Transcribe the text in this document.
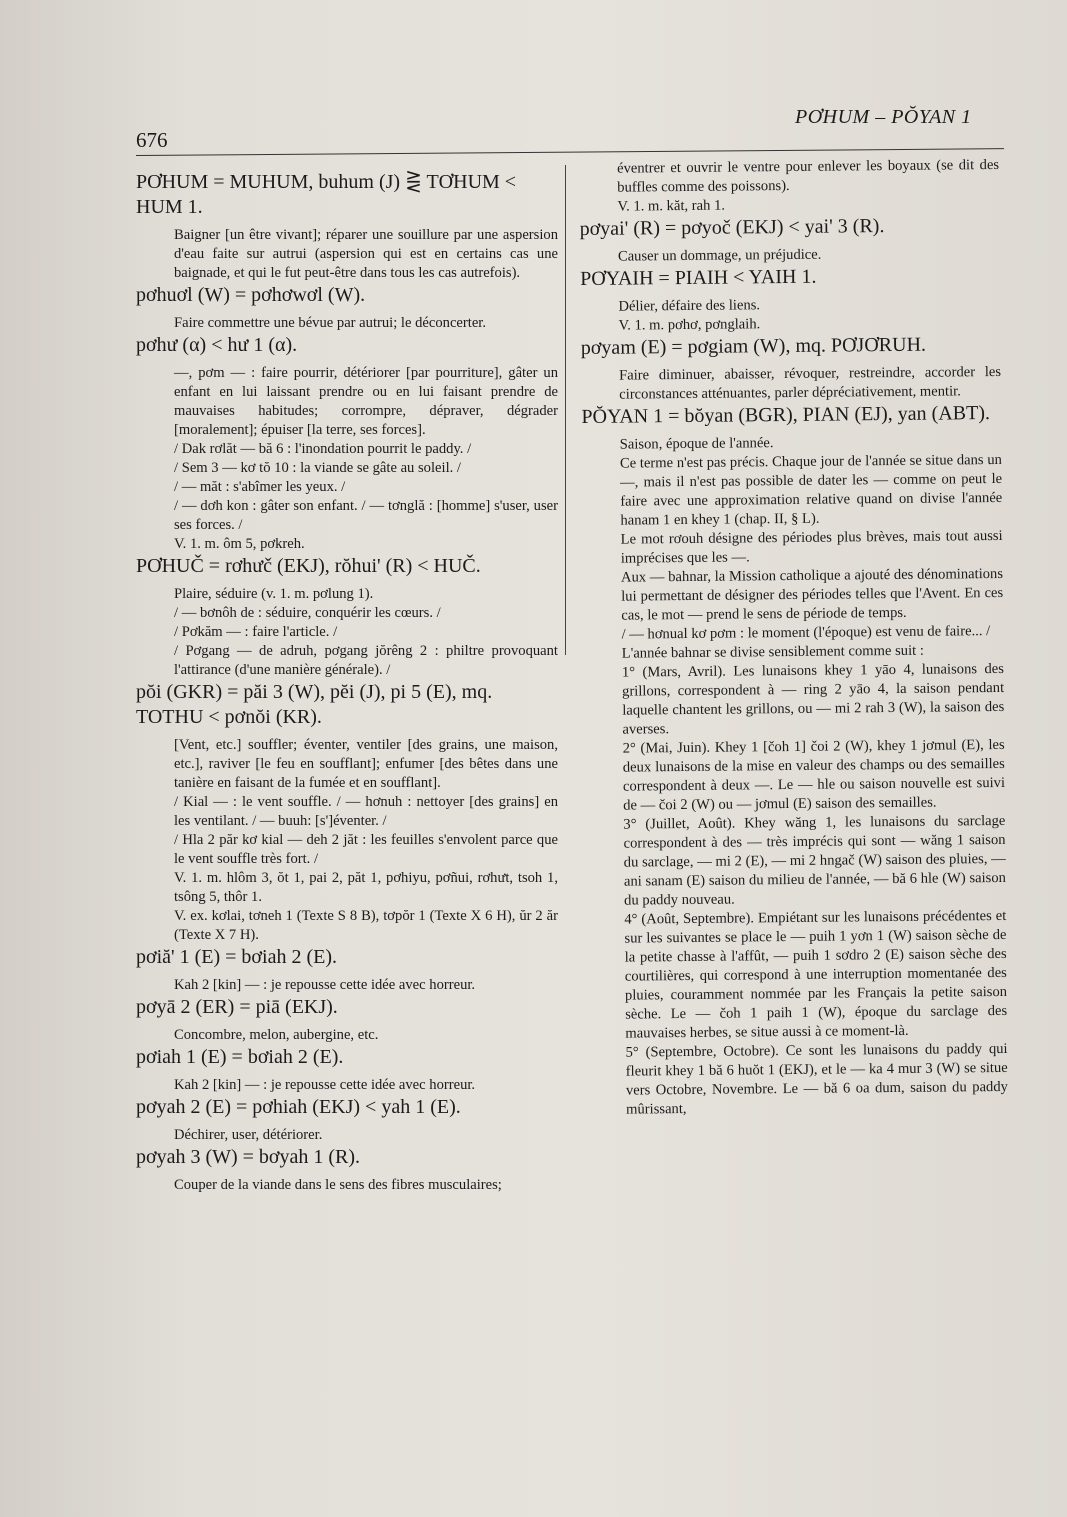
676
PƠHUM – PŎYAN 1
PƠHUM = MUHUM, buhum (J) ⋛ TƠHUM < HUM 1.
Baigner [un être vivant]; réparer une souillure par une aspersion d'eau faite sur autrui (aspersion qui est en certains cas une baignade, et qui le fut peut-être dans tous les cas autrefois).
pơhuơl (W) = pơhơwơl (W).
Faire commettre une bévue par autrui; le déconcerter.
pơhư (α) < hư 1 (α).
—, pơm — : faire pourrir, détériorer [par pourriture], gâter un enfant en lui laissant prendre ou en lui faisant prendre de mauvaises habitudes; corrompre, dépraver, dégrader [moralement]; épuiser [la terre, ses forces].
/ Dak rơlăt — bă 6 : l'inondation pourrit le paddy. /
/ Sem 3 — kơ tŏ 10 : la viande se gâte au soleil. /
/ — măt : s'abîmer les yeux. /
/ — dơh kon : gâter son enfant. / — tơnglă : [homme] s'user, user ses forces. /
V. 1. m. ôm 5, pơkreh.
PƠHUČ = rơhưč (EKJ), rŏhui' (R) < HUČ.
Plaire, séduire (v. 1. m. pơlung 1).
/ — bơnôh de : séduire, conquérir les cœurs. /
/ Pơkăm — : faire l'article. /
/ Pơgang — de adruh, pơgang jŏrêng 2 : philtre provoquant l'attirance (d'une manière générale). /
pŏi (GKR) = păi 3 (W), pĕi (J), pi 5 (E), mq. TOTHU < pơnŏi (KR).
[Vent, etc.] souffler; éventer, ventiler [des grains, une maison, etc.], raviver [le feu en soufflant]; enfumer [des bêtes dans une tanière en faisant de la fumée et en soufflant].
/ Kial — : le vent souffle. / — hơnuh : nettoyer [des grains] en les ventilant. / — buuh: [s']éventer. /
/ Hla 2 păr kơ kial — deh 2 jăt : les feuilles s'envolent parce que le vent souffle très fort. /
V. 1. m. hlôm 3, ŏt 1, pai 2, păt 1, pơhiyu, pơñui, rơhưt, tsoh 1, tsông 5, thôr 1.
V. ex. kơlai, tơneh 1 (Texte S 8 B), tơpŏr 1 (Texte X 6 H), ŭr 2 ăr (Texte X 7 H).
pơiă' 1 (E) = bơiah 2 (E).
Kah 2 [kin] — : je repousse cette idée avec horreur.
pơyā 2 (ER) = piā (EKJ).
Concombre, melon, aubergine, etc.
pơiah 1 (E) = bơiah 2 (E).
Kah 2 [kin] — : je repousse cette idée avec horreur.
pơyah 2 (E) = pơhiah (EKJ) < yah 1 (E).
Déchirer, user, détériorer.
pơyah 3 (W) = bơyah 1 (R).
Couper de la viande dans le sens des fibres musculaires;
éventrer et ouvrir le ventre pour enlever les boyaux (se dit des buffles comme des poissons).
V. 1. m. kăt, rah 1.
pơyai' (R) = pơyoč (EKJ) < yai' 3 (R).
Causer un dommage, un préjudice.
PƠYAIH = PIAIH < YAIH 1.
Délier, défaire des liens.
V. 1. m. pơhơ, pơnglaih.
pơyam (E) = pơgiam (W), mq. PƠJƠRUH.
Faire diminuer, abaisser, révoquer, restreindre, accorder les circonstances atténuantes, parler dépréciativement, mentir.
PŎYAN 1 = bŏyan (BGR), PIAN (EJ), yan (ABT).
Saison, époque de l'année.
Ce terme n'est pas précis. Chaque jour de l'année se situe dans un —, mais il n'est pas possible de dater les — comme on peut le faire avec une approximation relative quand on divise l'année hanam 1 en khey 1 (chap. II, § L).
Le mot rơouh désigne des périodes plus brèves, mais tout aussi imprécises que les —.
Aux — bahnar, la Mission catholique a ajouté des dénominations lui permettant de désigner des périodes telles que l'Avent. En ces cas, le mot — prend le sens de période de temps.
/ — hơnual kơ pơm : le moment (l'époque) est venu de faire... /
L'année bahnar se divise sensiblement comme suit :
1° (Mars, Avril). Les lunaisons khey 1 yāo 4, lunaisons des grillons, correspondent à — ring 2 yāo 4, la saison pendant laquelle chantent les grillons, ou — mi 2 rah 3 (W), la saison des averses.
2° (Mai, Juin). Khey 1 [čoh 1] čoi 2 (W), khey 1 jơmul (E), les deux lunaisons de la mise en valeur des champs ou des semailles correspondent à deux —. Le — hle ou saison nouvelle est suivi de — čoi 2 (W) ou — jơmul (E) saison des semailles.
3° (Juillet, Août). Khey wăng 1, les lunaisons du sarclage correspondent à des — très imprécis qui sont — wăng 1 saison du sarclage, — mi 2 (E), — mi 2 hngač (W) saison des pluies, — ani sanam (E) saison du milieu de l'année, — bă 6 hle (W) saison du paddy nouveau.
4° (Août, Septembre). Empiétant sur les lunaisons précédentes et sur les suivantes se place le — puih 1 yơn 1 (W) saison sèche de la petite chasse à l'affût, — puih 1 sơdro 2 (E) saison sèche des courtilières, qui correspond à une interruption momentanée des pluies, couramment nommée par les Français la petite saison sèche. Le — čoh 1 paih 1 (W), époque du sarclage des mauvaises herbes, se situe aussi à ce moment-là.
5° (Septembre, Octobre). Ce sont les lunaisons du paddy qui fleurit khey 1 bă 6 huŏt 1 (EKJ), et le — ka 4 mur 3 (W) se situe vers Octobre, Novembre. Le — bă 6 oa dum, saison du paddy mûrissant,
